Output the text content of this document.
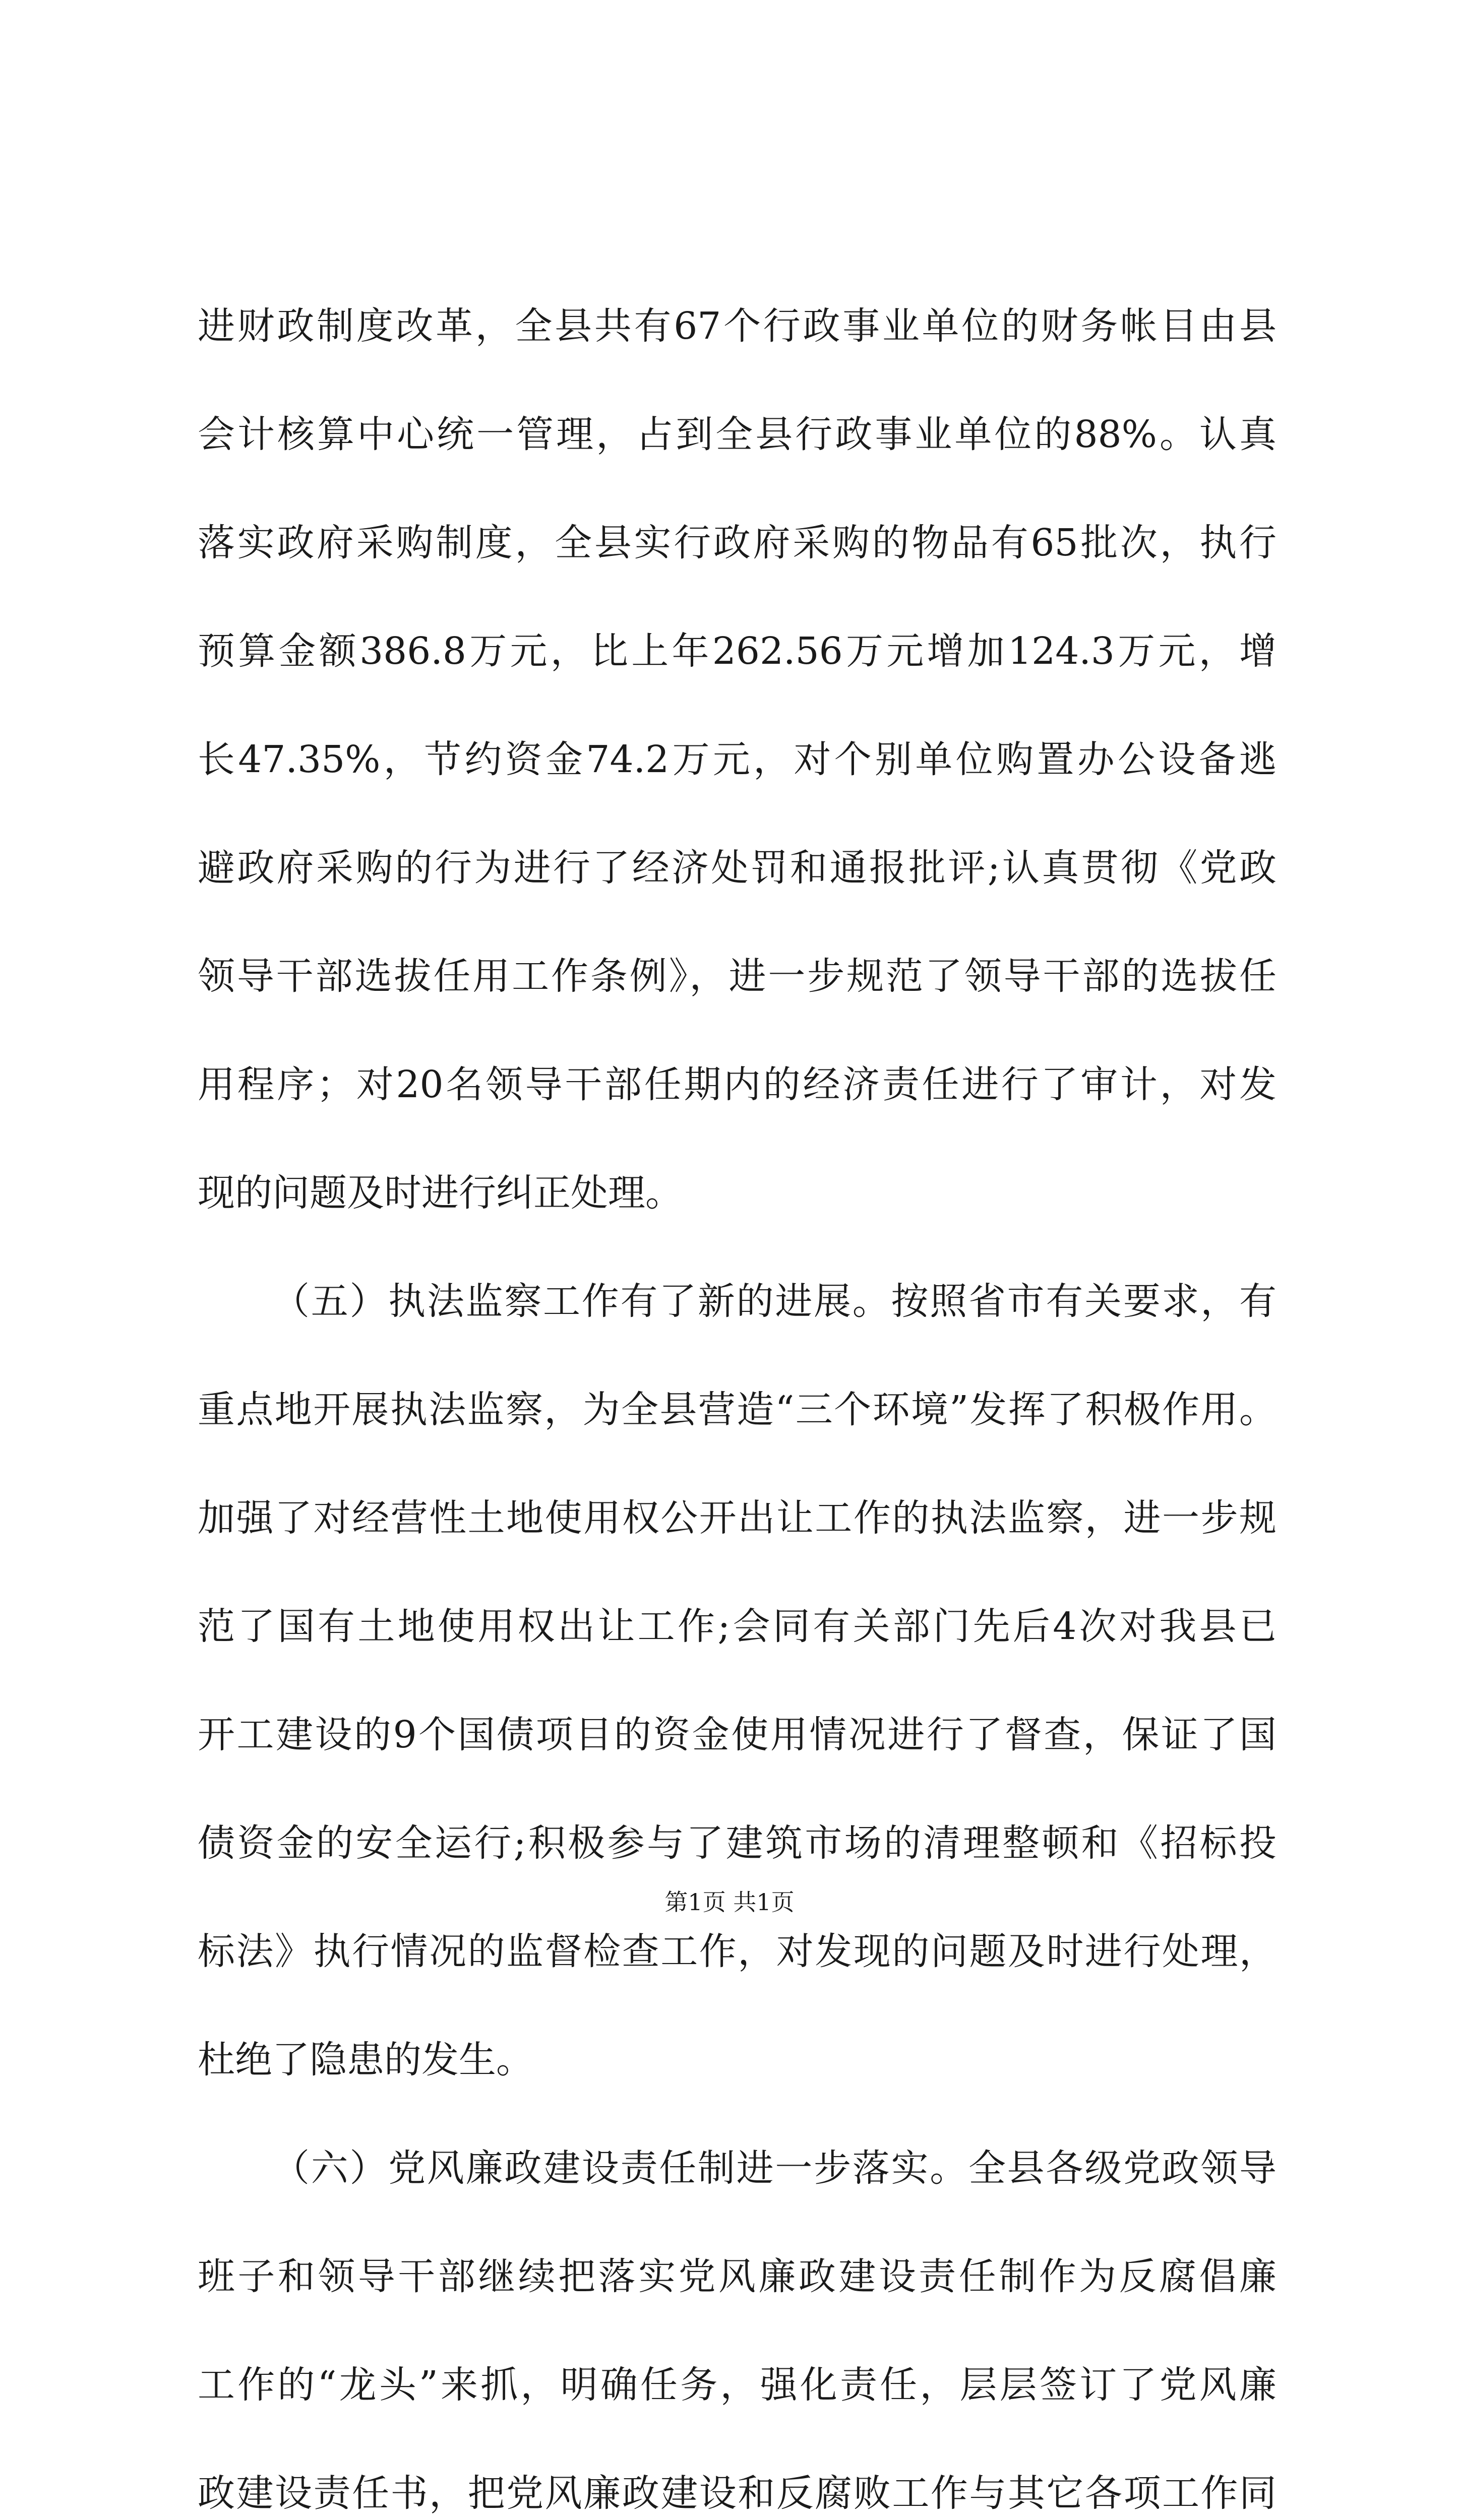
进财政制度改革，全县共有67个行政事业单位的财务帐目由县
会计核算中心统一管理，占到全县行政事业单位的88%。认真
落实政府采购制度，全县实行政府采购的物品有65批次，执行
预算金额386.8万元，比上年262.56万元增加124.3万元，增
长47.35%，节约资金74.2万元，对个别单位购置办公设备逃
避政府采购的行为进行了经济处罚和通报批评;认真贯彻《党政
领导干部选拔任用工作条例》，进一步规范了领导干部的选拔任
用程序；对20名领导干部任期内的经济责任进行了审计，对发
现的问题及时进行纠正处理。
（五）执法监察工作有了新的进展。按照省市有关要求，有
重点地开展执法监察，为全县营造“三个环境”发挥了积极作用。
加强了对经营性土地使用权公开出让工作的执法监察，进一步规
范了国有土地使用权出让工作;会同有关部门先后4次对我县已
开工建设的9个国债项目的资金使用情况进行了督查，保证了国
债资金的安全运行;积极参与了建筑市场的清理整顿和《招标投
标法》执行情况的监督检查工作，对发现的问题及时进行处理，
杜绝了隐患的发生。
（六）党风廉政建设责任制进一步落实。全县各级党政领导
班子和领导干部继续把落实党风廉政建设责任制作为反腐倡廉
工作的“龙头”来抓，明确任务，强化责任，层层签订了党风廉
政建设责任书，把党风廉政建设和反腐败工作与其它各项工作同
第1页 共1页
